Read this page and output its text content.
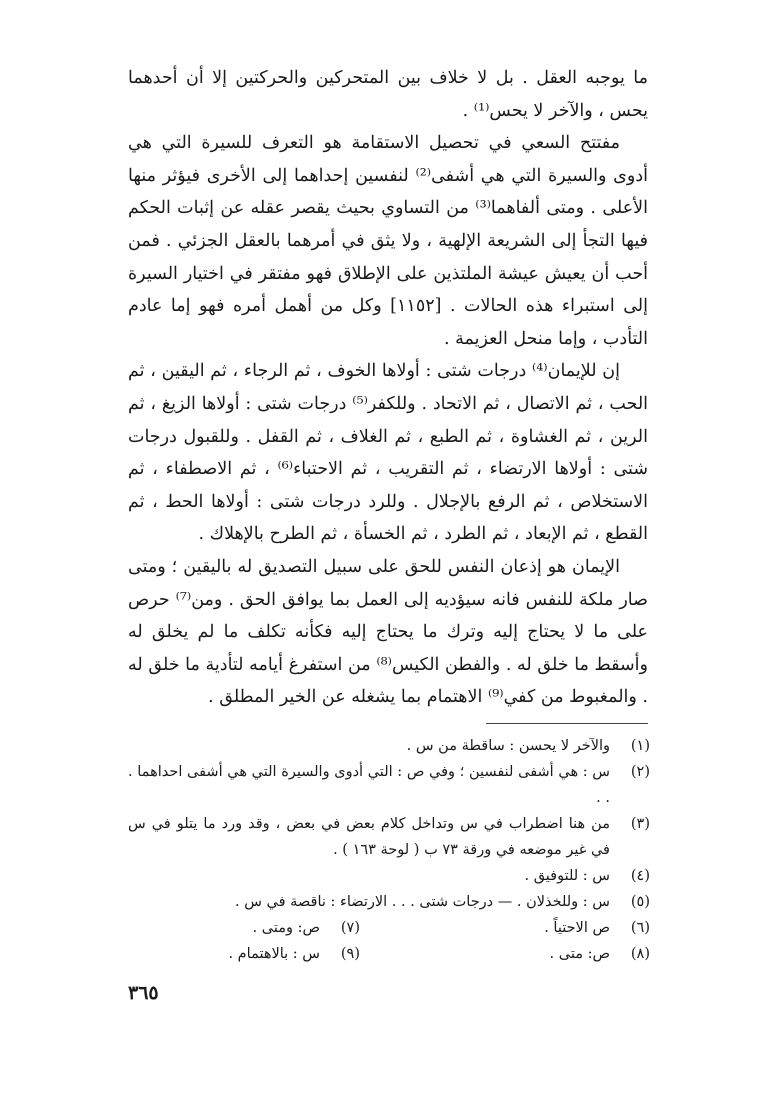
ما يوجبه العقل . بل لا خلاف بين المتحركين والحركتين إلا أن أحدهما يحس ، والآخر لا يحس⁽¹⁾ .

مفتتح السعي في تحصيل الاستقامة هو التعرف للسيرة التي هي أدوى والسيرة التي هي أشفى⁽²⁾ لنفسين إحداهما إلى الأخرى فيؤثر منها الأعلى . ومتى ألفاهما⁽³⁾ من التساوي بحيث يقصر عقله عن إثبات الحكم فيها التجأ إلى الشريعة الإلهية ، ولا يثق في أمرهما بالعقل الجزئي . فمن أحب أن يعيش عيشة الملتذين على الإطلاق فهو مفتقر في اختيار السيرة إلى استبراء هذه الحالات . [١١٥٢] وكل من أهمل أمره فهو إما عادم التأدب ، وإما منحل العزيمة .

إن للإيمان⁽⁴⁾ درجات شتى : أولاها الخوف ، ثم الرجاء ، ثم اليقين ، ثم الحب ، ثم الاتصال ، ثم الاتحاد . وللكفر⁽⁵⁾ درجات شتى : أولاها الزيغ ، ثم الرين ، ثم الغشاوة ، ثم الطبع ، ثم الغلاف ، ثم القفل . وللقبول درجات شتى : أولاها الارتضاء ، ثم التقريب ، ثم الاحتباء⁽⁶⁾ ، ثم الاصطفاء ، ثم الاستخلاص ، ثم الرفع بالإجلال . وللرد درجات شتى : أولاها الحط ، ثم القطع ، ثم الإبعاد ، ثم الطرد ، ثم الخسأة ، ثم الطرح بالإهلاك .

الإيمان هو إذعان النفس للحق على سبيل التصديق له باليقين ؛ ومتى صار ملكة للنفس فانه سيؤديه إلى العمل بما يوافق الحق . ومن⁽⁷⁾ حرص على ما لا يحتاج إليه وترك ما يحتاج إليه فكأنه تكلف ما لم يخلق له وأسقط ما خلق له . والفطن الكيس⁽⁸⁾ من استفرغ أيامه لتأدية ما خلق له . والمغبوط من كفي⁽⁹⁾ الاهتمام بما يشغله عن الخير المطلق .

(١)
والآخر لا يحسن : ساقطة من س .
(٢)
س : هي أشفى لنفسين ؛ وفي ص : التي أدوى والسيرة التي هي أشفى احداهما . . .
(٣)
من هنا اضطراب في س وتداخل كلام بعض في بعض ، وقد ورد ما يتلو في س في غير موضعه في ورقة ٧٣ ب ( لوحة ١٦٣ ) .
(٤)
س : للتوفيق .
(٥)
س : وللخذلان . — درجات شتى . . . الارتضاء : ناقصة في س .
(٦)
ص الاحتياً .
(٧)
ص: ومتى .
(٨)
ص: متى .
(٩)
س : بالاهتمام .
٣٦٥
